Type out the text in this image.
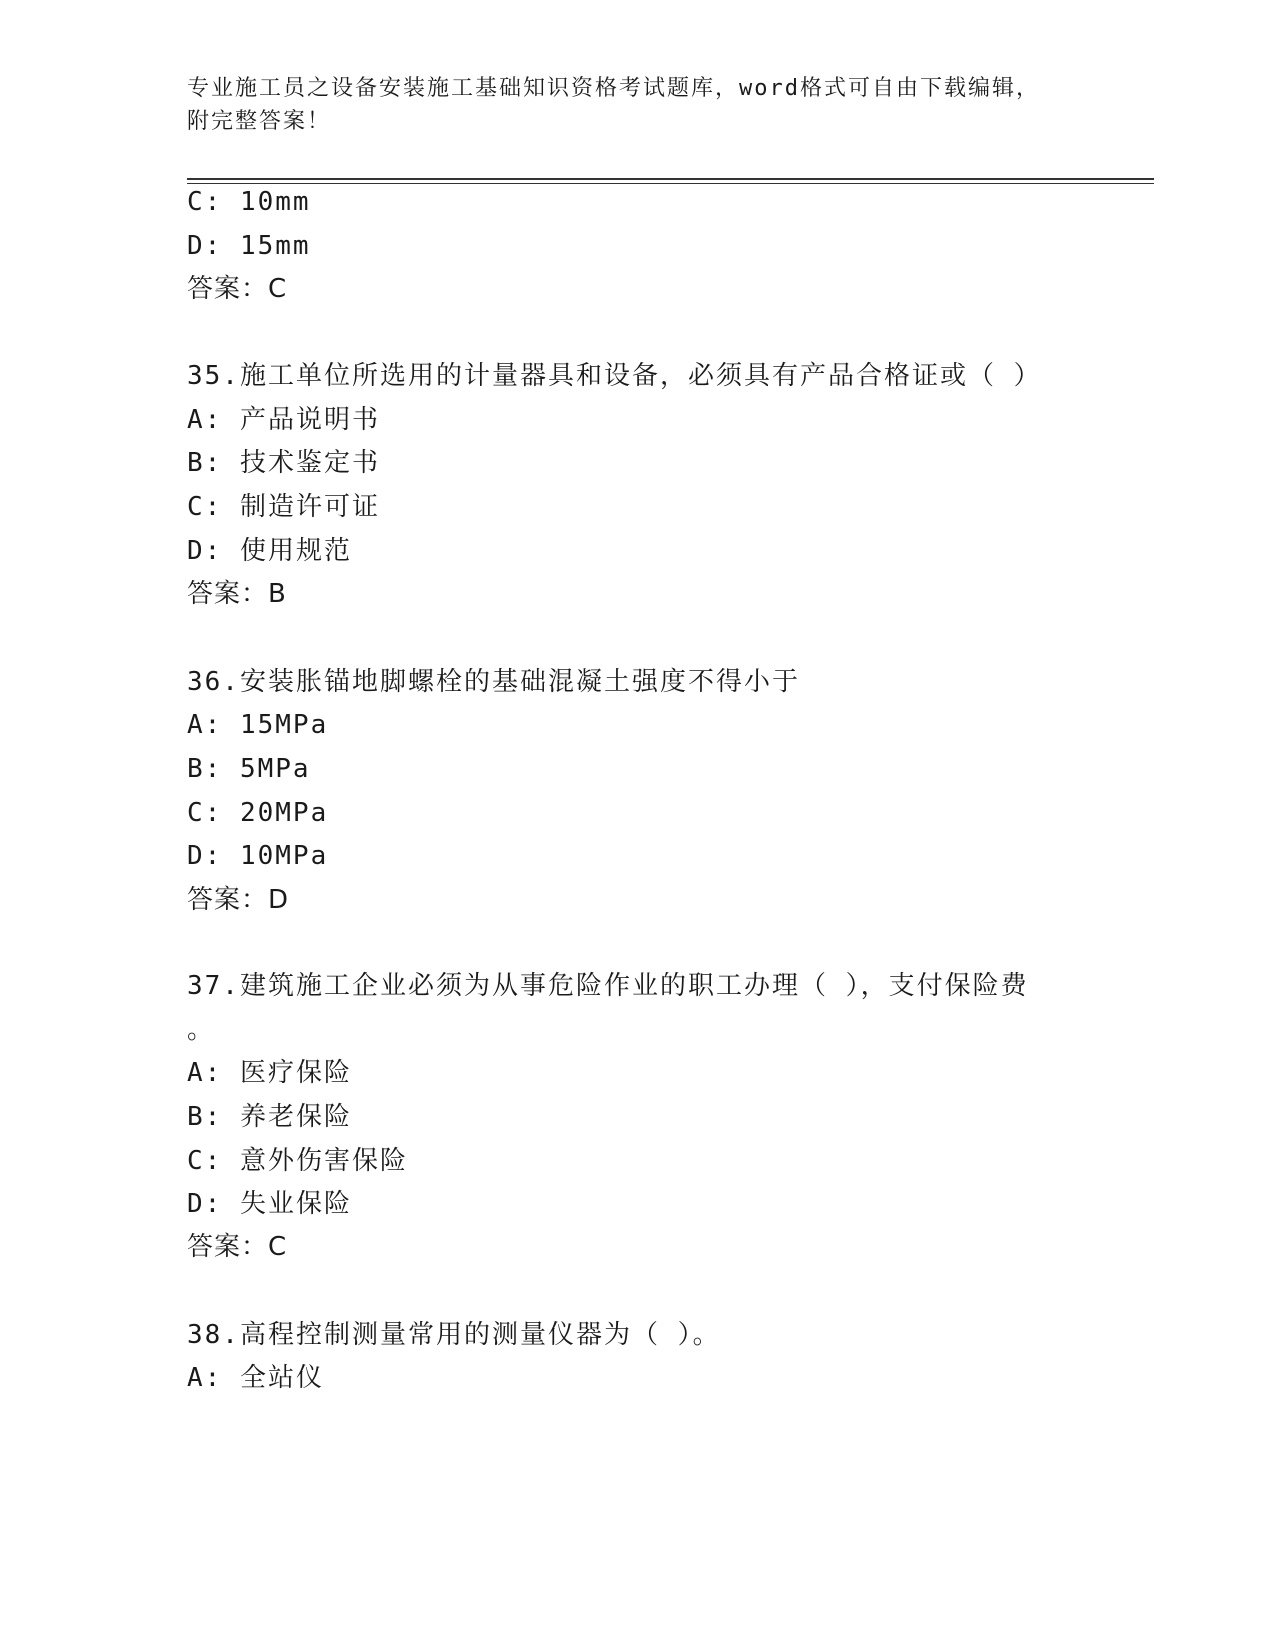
专业施工员之设备安装施工基础知识资格考试题库，word格式可自由下载编辑，
附完整答案！
C: 10mm
D: 15mm
答案：C
35.施工单位所选用的计量器具和设备，必须具有产品合格证或（ ）
A: 产品说明书
B: 技术鉴定书
C: 制造许可证
D: 使用规范
答案：B
36.安装胀锚地脚螺栓的基础混凝土强度不得小于
A: 15MPa
B: 5MPa
C: 20MPa
D: 10MPa
答案：D
37.建筑施工企业必须为从事危险作业的职工办理（ ），支付保险费
。
A: 医疗保险
B: 养老保险
C: 意外伤害保险
D: 失业保险
答案：C
38.高程控制测量常用的测量仪器为（ ）。
A: 全站仪
